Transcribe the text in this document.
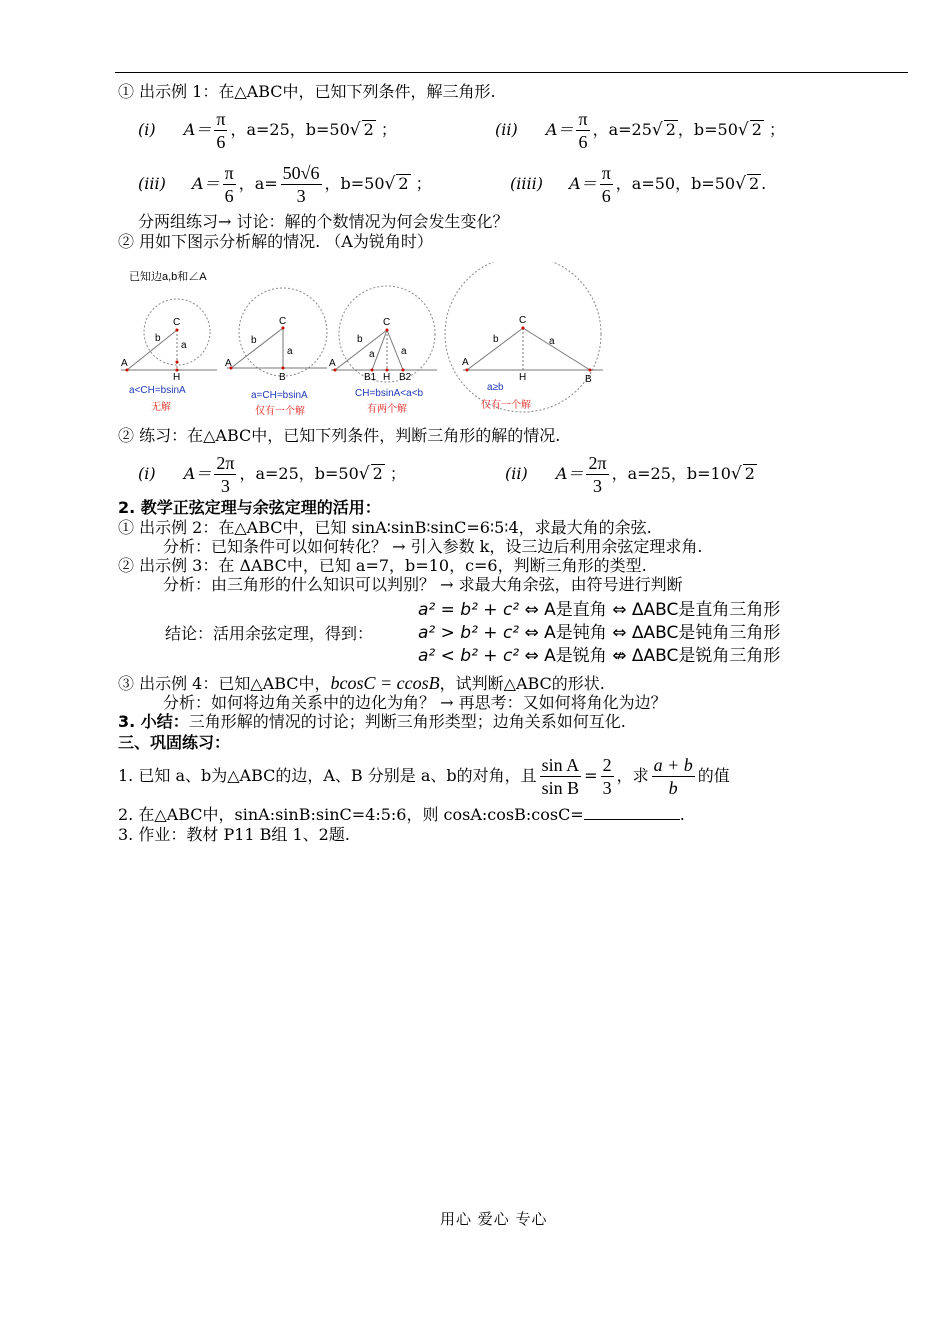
① 出示例 1：在△ABC中，已知下列条件，解三角形.
(i) $A= \frac{\pi}{6}$ ，a=25，b=50√ 2 ；	(ii) $A= \frac{\pi}{6}$ ，a=25√ 2 ，b=50√ 2 ；
(iii) $A= \frac{\pi}{6}$ ，$a= \frac{50√6}{3}$ ，b=50√ 2 ；	(iiii) $A= \frac{\pi}{6}$ ，a=50，b=50√ 2 .
分两组练习→ 讨论：解的个数情况为何会发生变化？
② 用如下图示分析解的情况. （A为锐角时）
已知边a,b和∠A
A
C
H
b
a
A
C
B
b
a
A
C
b
a	a
B1 H B2
A
C
b	a
H	B
a<CH=bsinA
无解
a=CH=bsinA
仅有一个解
CH=bsinA<a<b
有两个解
a≥b
仅有一个解
② 练习：在△ABC中，已知下列条件，判断三角形的解的情况.
(i) $A= \frac{2\pi}{3}$ ，a=25，b=50√ 2 ；	(ii) $A= \frac{2\pi}{3}$ ，a=25，b=10√ 2
2. 教学正弦定理与余弦定理的活用：
① 出示例 2：在△ABC中，已知 sinA∶sinB∶sinC=6∶5∶4，求最大角的余弦.
分析：已知条件可以如何转化？ → 引入参数 k，设三边后利用余弦定理求角.
② 出示例 3：在 ΔABC中，已知 a=7，b=10，c=6，判断三角形的类型.
分析：由三角形的什么知识可以判别？ → 求最大角余弦，由符号进行判断
结论：活用余弦定理，得到：
a² = b² + c² ⇔ A是直角 ⇔ ΔABC是直角三角形
a² > b² + c² ⇔ A是钝角 ⇔ ΔABC是钝角三角形
a² < b² + c² ⇔ A是锐角 ⇎ ΔABC是锐角三角形
③ 出示例 4：已知△ABC中，bcosC = ccosB，试判断△ABC的形状.
分析：如何将边角关系中的边化为角？ → 再思考：又如何将角化为边？
3. 小结：三角形解的情况的讨论；判断三角形类型；边角关系如何互化.
三、巩固练习：
1. 已知 a、b为△ABC的边，A、B 分别是 a、b的对角，且 $\frac{\text{sin A}}{\text{sin B}} = \frac{2}{3}$ ，求 $\frac{a + b}{b}$ 的值
2. 在△ABC中，sinA:sinB:sinC=4:5:6，则 cosA:cosB:cosC=	.
3. 作业：教材 P11 B组 1、2题.
用心 爱心 专心
